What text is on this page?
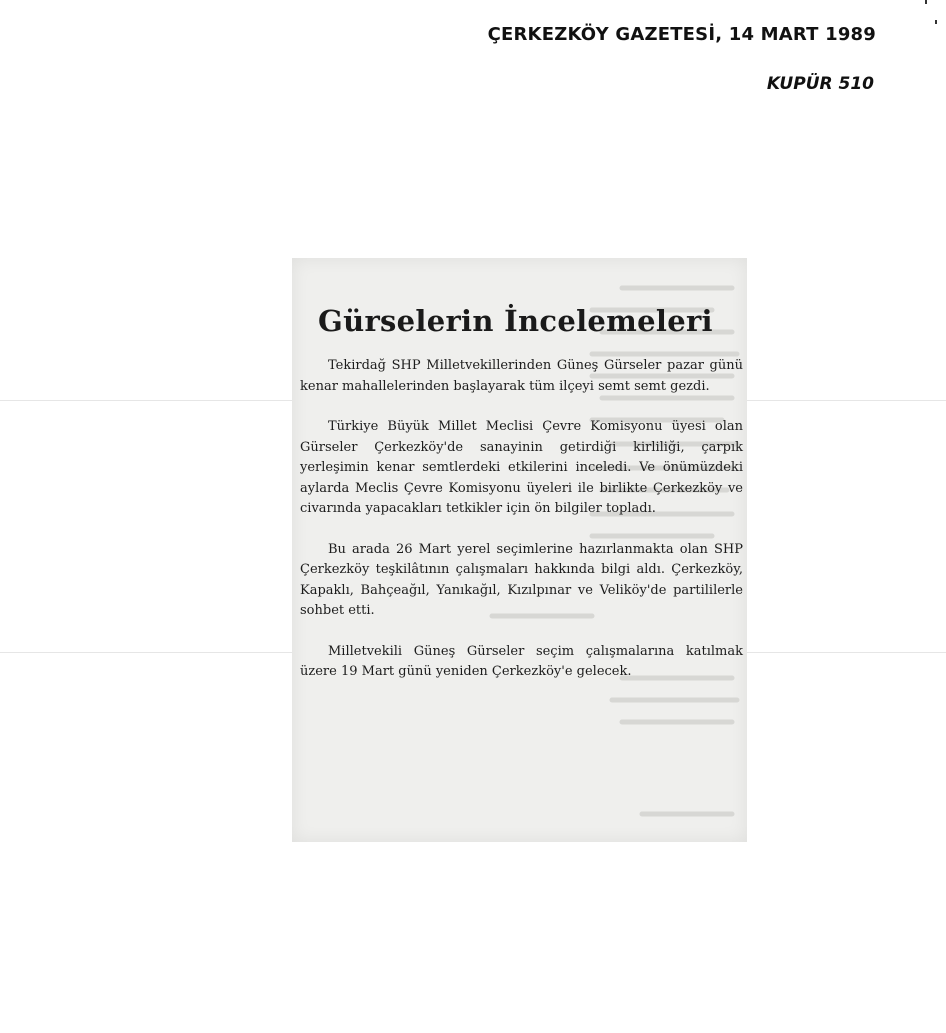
ÇERKEZKÖY GAZETESİ, 14 MART 1989
KUPÜR 510
Gürselerin İncelemeleri

Tekirdağ SHP Milletvekillerinden Güneş Gürseler pazar günü kenar mahallelerinden başlayarak tüm ilçeyi semt semt gezdi.

Türkiye Büyük Millet Meclisi Çevre Komisyonu üyesi olan Gürseler Çerkezköy'de sanayinin getirdiği kirliliği, çarpık yerleşimin kenar semtlerdeki etkilerini inceledi. Ve önümüzdeki aylarda Meclis Çevre Komisyonu üyeleri ile birlikte Çerkezköy ve civarında yapacakları tetkikler için ön bilgiler topladı.

Bu arada 26 Mart yerel seçimlerine hazırlanmakta olan SHP Çerkezköy teşkilâtının çalışmaları hakkında bilgi aldı. Çerkezköy, Kapaklı, Bahçeağıl, Yanıkağıl, Kızılpınar ve Veliköy'de partililerle sohbet etti.

Milletvekili Güneş Gürseler seçim çalışmalarına katılmak üzere 19 Mart günü yeniden Çerkezköy'e gelecek.
